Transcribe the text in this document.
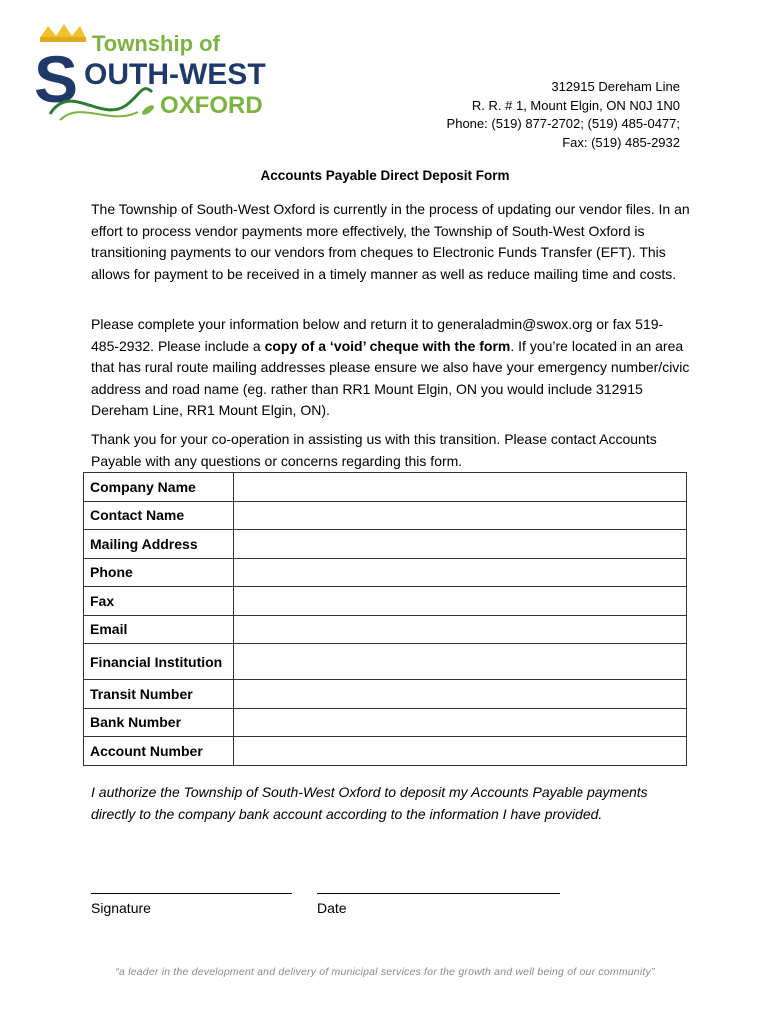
S Township of
OUTH-WEST
OXFORD
312915 Dereham Line
R. R. # 1, Mount Elgin, ON N0J 1N0
Phone: (519) 877-2702; (519) 485-0477;
Fax: (519) 485-2932
Accounts Payable Direct Deposit Form
The Township of South-West Oxford is currently in the process of updating our vendor files. In an effort to process vendor payments more effectively, the Township of South-West Oxford is transitioning payments to our vendors from cheques to Electronic Funds Transfer (EFT). This allows for payment to be received in a timely manner as well as reduce mailing time and costs.
Please complete your information below and return it to generaladmin@swox.org or fax 519-485-2932. Please include a copy of a ‘void’ cheque with the form. If you’re located in an area that has rural route mailing addresses please ensure we also have your emergency number/civic address and road name (eg. rather than RR1 Mount Elgin, ON you would include 312915 Dereham Line, RR1 Mount Elgin, ON).
Thank you for your co-operation in assisting us with this transition. Please contact Accounts Payable with any questions or concerns regarding this form.
Company Name	
Contact Name	
Mailing Address	
Phone	
Fax	
Email	
Financial Institution	
Transit Number	
Bank Number	
Account Number	
I authorize the Township of South-West Oxford to deposit my Accounts Payable payments directly to the company bank account according to the information I have provided.
Signature	Date
“a leader in the development and delivery of municipal services for the growth and well being of our community”
